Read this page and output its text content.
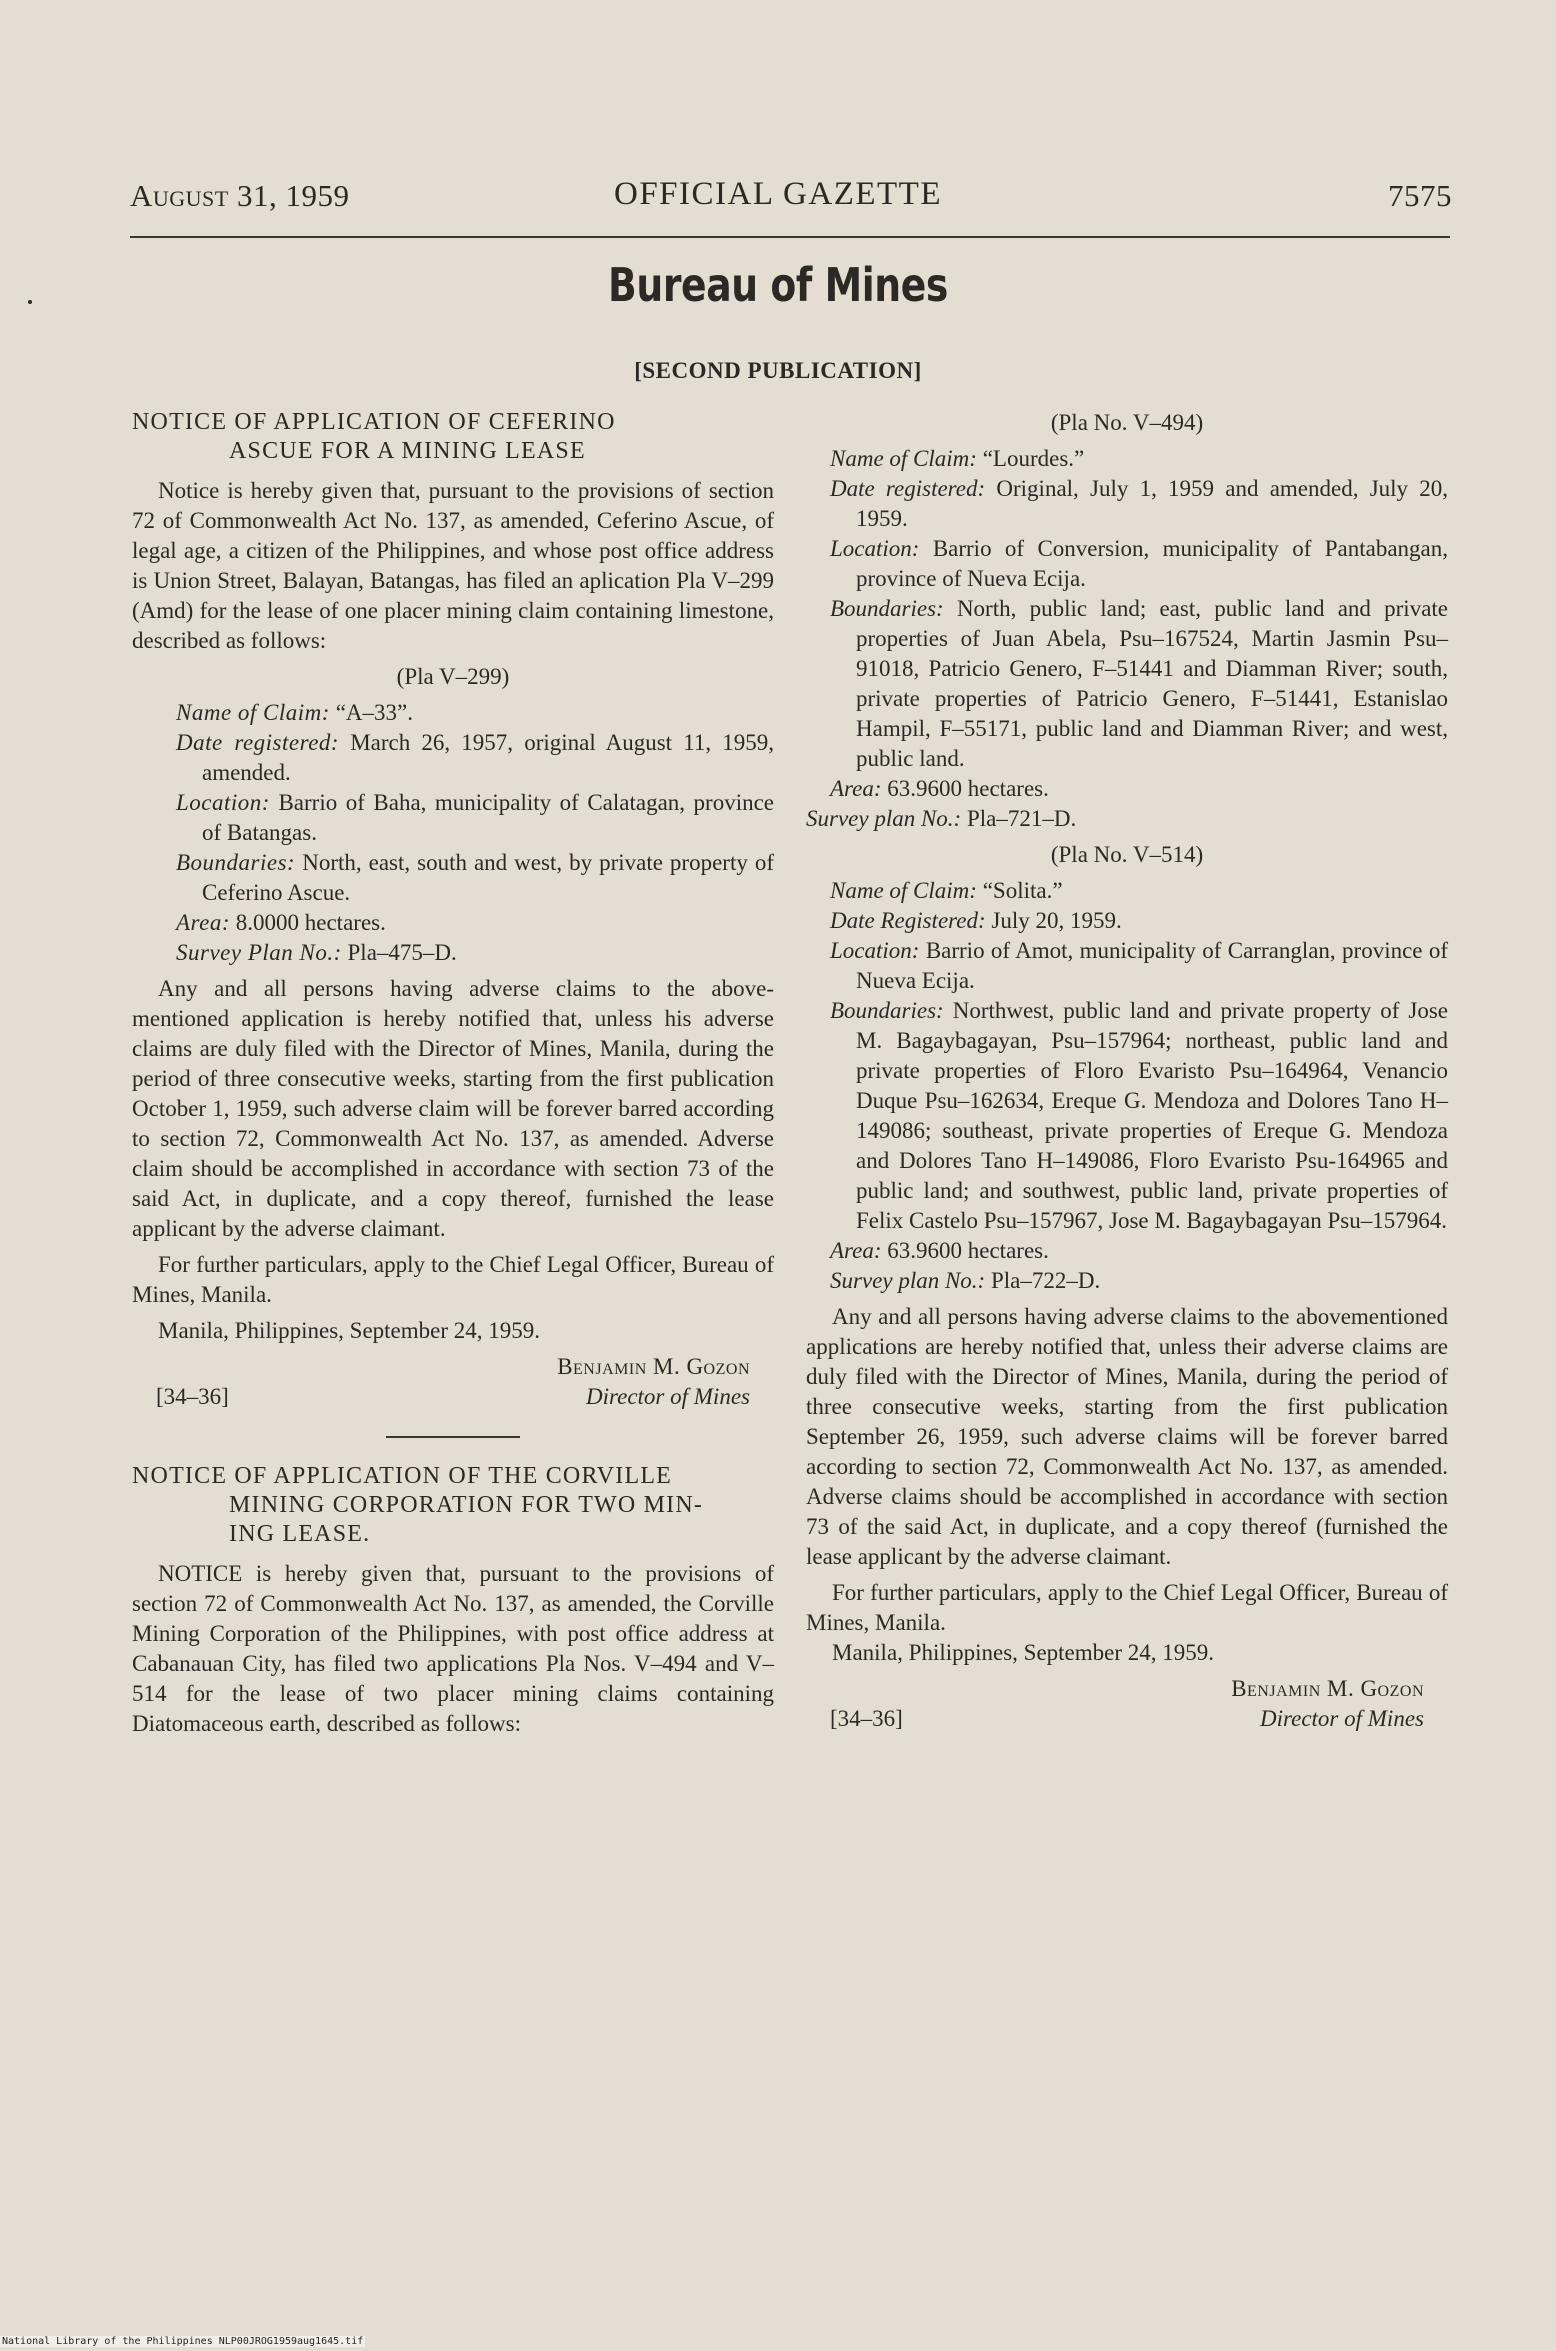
August 31, 1959	OFFICIAL GAZETTE	7575
Bureau of Mines
[SECOND PUBLICATION]

NOTICE OF APPLICATION OF CEFERINO
ASCUE FOR A MINING LEASE

Notice is hereby given that, pursuant to the provisions of section 72 of Commonwealth Act No. 137, as amended, Ceferino Ascue, of legal age, a citizen of the Philippines, and whose post office address is Union Street, Balayan, Batangas, has filed an aplication Pla V–299 (Amd) for the lease of one placer mining claim containing limestone, described as follows:

(Pla V–299)

Name of Claim: “A–33”.

Date registered: March 26, 1957, original August 11, 1959, amended.

Location: Barrio of Baha, municipality of Calatagan, province of Batangas.

Boundaries: North, east, south and west, by private property of Ceferino Ascue.

Area: 8.0000 hectares.

Survey Plan No.: Pla–475–D.

Any and all persons having adverse claims to the above-mentioned application is hereby notified that, unless his adverse claims are duly filed with the Director of Mines, Manila, during the period of three consecutive weeks, starting from the first publication October 1, 1959, such adverse claim will be forever barred according to section 72, Commonwealth Act No. 137, as amended. Adverse claim should be accomplished in accordance with section 73 of the said Act, in duplicate, and a copy thereof, furnished the lease applicant by the adverse claimant.

For further particulars, apply to the Chief Legal Officer, Bureau of Mines, Manila.

Manila, Philippines, September 24, 1959.

Benjamin M. Gozon
[34–36]	Director of Mines

NOTICE OF APPLICATION OF THE CORVILLE
MINING CORPORATION FOR TWO MIN-
ING LEASE.

NOTICE is hereby given that, pursuant to the provisions of section 72 of Commonwealth Act No. 137, as amended, the Corville Mining Corporation of the Philippines, with post office address at Cabanauan City, has filed two applications Pla Nos. V–494 and V–514 for the lease of two placer mining claims containing Diatomaceous earth, described as follows:

(Pla No. V–494)

Name of Claim: “Lourdes.”

Date registered: Original, July 1, 1959 and amended, July 20, 1959.

Location: Barrio of Conversion, municipality of Pantabangan, province of Nueva Ecija.

Boundaries: North, public land; east, public land and private properties of Juan Abela, Psu–167524, Martin Jasmin Psu–91018, Patricio Genero, F–51441 and Diamman River; south, private properties of Patricio Genero, F–51441, Estanislao Hampil, F–55171, public land and Diamman River; and west, public land.

Area: 63.9600 hectares.

Survey plan No.: Pla–721–D.

(Pla No. V–514)

Name of Claim: “Solita.”

Date Registered: July 20, 1959.

Location: Barrio of Amot, municipality of Carranglan, province of Nueva Ecija.

Boundaries: Northwest, public land and private property of Jose M. Bagaybagayan, Psu–157964; northeast, public land and private properties of Floro Evaristo Psu–164964, Venancio Duque Psu–162634, Ereque G. Mendoza and Dolores Tano H–149086; southeast, private properties of Ereque G. Mendoza and Dolores Tano H–149086, Floro Evaristo Psu-164965 and public land; and southwest, public land, private properties of Felix Castelo Psu–157967, Jose M. Bagaybagayan Psu–157964.

Area: 63.9600 hectares.

Survey plan No.: Pla–722–D.

Any and all persons having adverse claims to the abovementioned applications are hereby notified that, unless their adverse claims are duly filed with the Director of Mines, Manila, during the period of three consecutive weeks, starting from the first publication September 26, 1959, such adverse claims will be forever barred according to section 72, Commonwealth Act No. 137, as amended. Adverse claims should be accomplished in accordance with section 73 of the said Act, in duplicate, and a copy thereof (furnished the lease applicant by the adverse claimant.

For further particulars, apply to the Chief Legal Officer, Bureau of Mines, Manila.

Manila, Philippines, September 24, 1959.

Benjamin M. Gozon
[34–36]	Director of Mines
National Library of the Philippines NLP00JROG1959aug1645.tif
